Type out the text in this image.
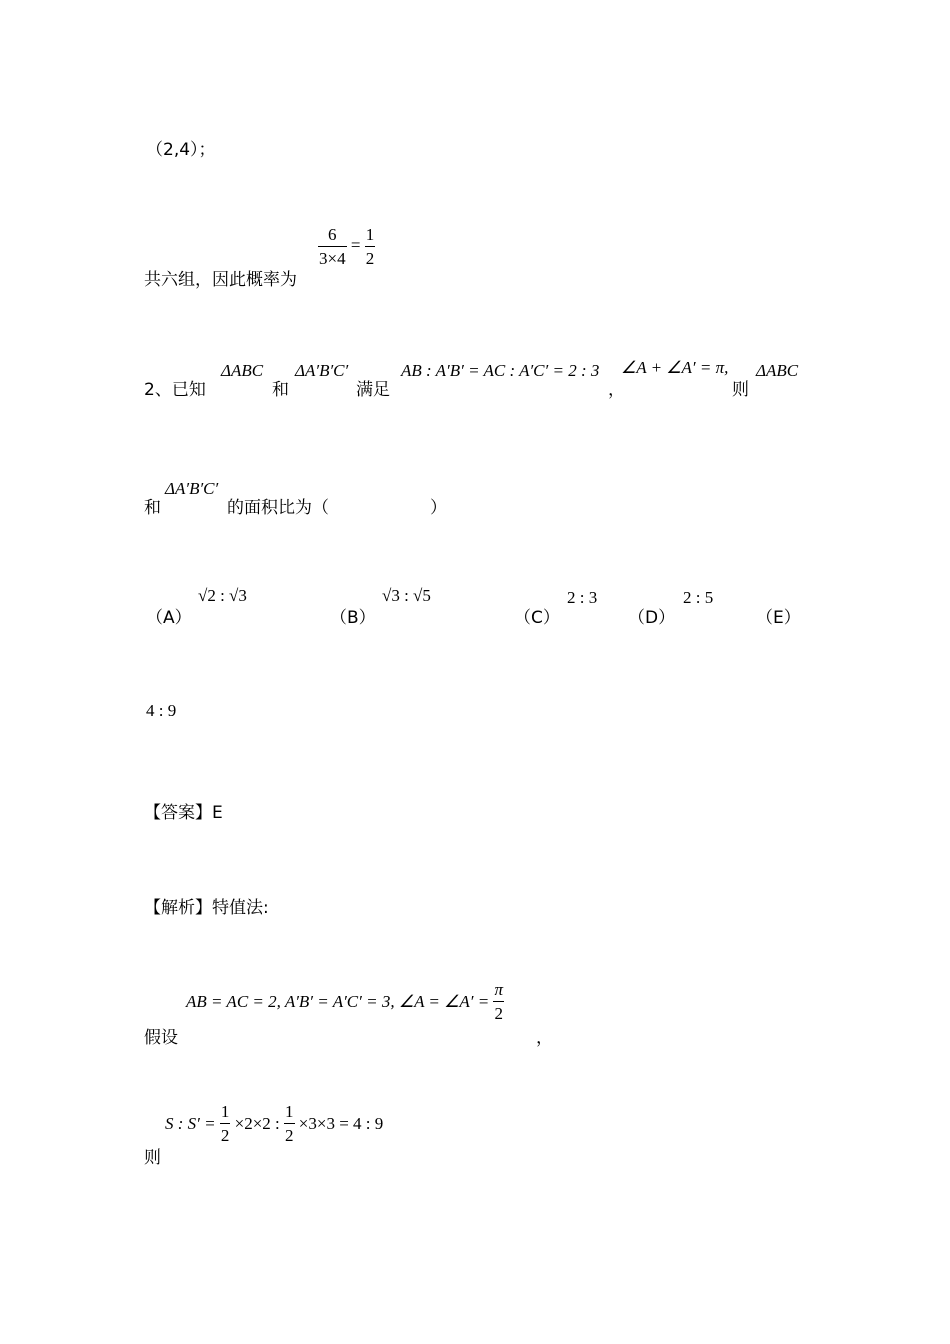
（2,4）；
共六组，因此概率为
$\frac{6}{3\times 4} = \frac{1}{2}$
2、已知
ΔABC
和
ΔA′B′C′
满足
AB : A′B′ = AC : A′C′ = 2 : 3
，
∠A + ∠A′ = π,
则
ΔABC
和
ΔA′B′C′
的面积比为（	）
（A）
√2 : √3
（B）
√3 : √5
（C）
2 : 3
（D）
2 : 5
（E）
4 : 9
【答案】E
【解析】特值法:
假设
AB = AC = 2, A′B′ = A′C′ = 3, ∠A = ∠A′ = $\frac{\pi}{2}$
，
则
S : $S' = \frac{1}{2} \times 2\times 2$ : $\frac{1}{2} \times 3\times 3 = 4$ : 9
